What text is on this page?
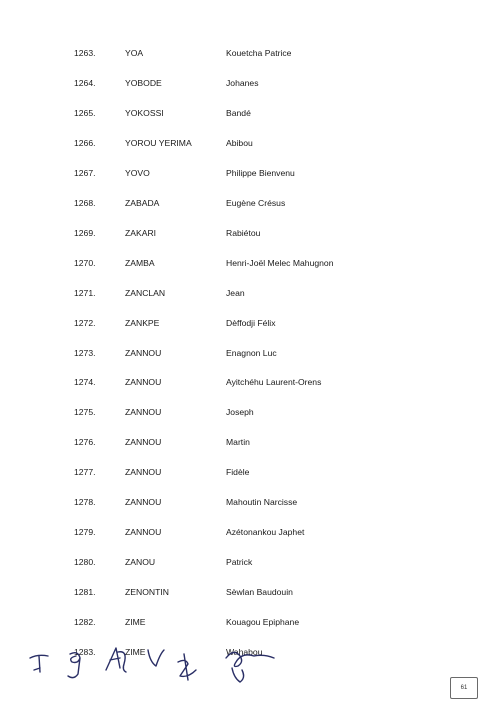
1263.	YOA	Kouetcha Patrice
1264.	YOBODE	Johanes
1265.	YOKOSSI	Bandé
1266.	YOROU YERIMA	Abibou
1267.	YOVO	Philippe Bienvenu
1268.	ZABADA	Eugène Crésus
1269.	ZAKARI	Rabiétou
1270.	ZAMBA	Henri-Joël Melec Mahugnon
1271.	ZANCLAN	Jean
1272.	ZANKPE	Dèffodji Félix
1273.	ZANNOU	Enagnon Luc
1274.	ZANNOU	Ayitchéhu Laurent-Orens
1275.	ZANNOU	Joseph
1276.	ZANNOU	Martin
1277.	ZANNOU	Fidèle
1278.	ZANNOU	Mahoutin Narcisse
1279.	ZANNOU	Azétonankou Japhet
1280.	ZANOU	Patrick
1281.	ZENONTIN	Sèwlan Baudouin
1282.	ZIME	Kouagou Epiphane
1283.	ZIME	Wahabou
61
